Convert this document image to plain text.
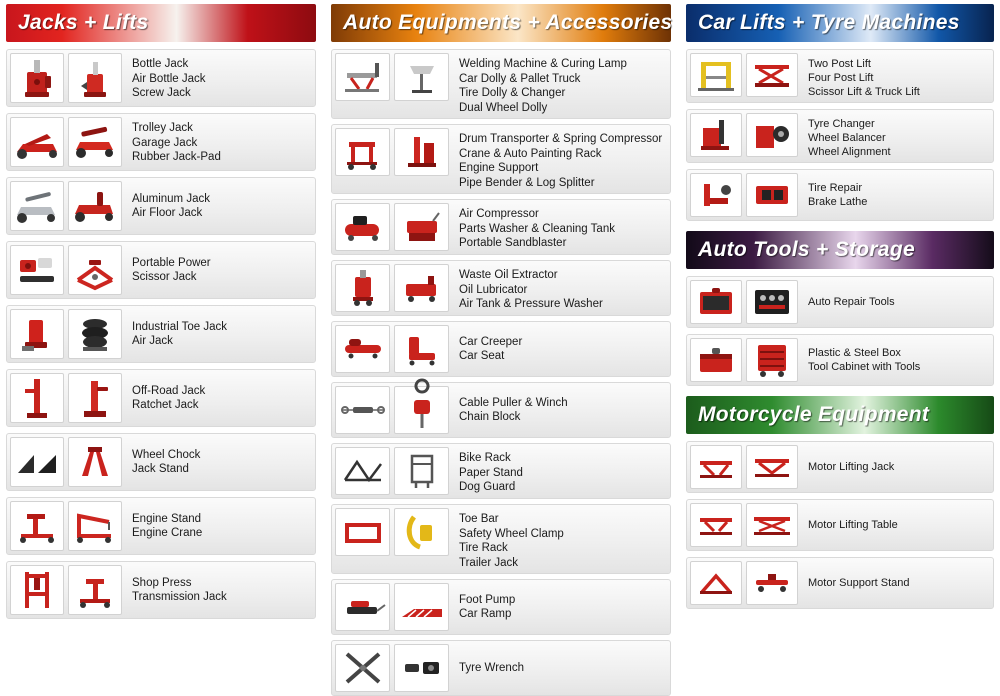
Jacks + Lifts
Bottle Jack
Air Bottle Jack
Screw Jack
Trolley Jack
Garage Jack
Rubber Jack-Pad
Aluminum Jack
Air Floor Jack
Portable Power
Scissor Jack
Industrial Toe Jack
Air Jack
Off-Road Jack
Ratchet Jack
Wheel Chock
Jack Stand
Engine Stand
Engine Crane
Shop Press
Transmission Jack
Auto Equipments + Accessories
Welding Machine & Curing Lamp
Car Dolly & Pallet Truck
Tire Dolly & Changer
Dual Wheel Dolly
Drum Transporter & Spring Compressor
Crane & Auto Painting Rack
Engine Support
Pipe Bender & Log Splitter
Air Compressor
Parts Washer & Cleaning Tank
Portable Sandblaster
Waste Oil Extractor
Oil Lubricator
Air Tank & Pressure Washer
Car Creeper
Car Seat
Cable Puller & Winch
Chain Block
Bike Rack
Paper Stand
Dog Guard
Toe Bar
Safety Wheel Clamp
Tire Rack
Trailer Jack
Foot Pump
Car Ramp
Tyre Wrench
Car Lifts + Tyre Machines
Two Post Lift
Four Post Lift
Scissor Lift & Truck Lift
Tyre Changer
Wheel Balancer
Wheel Alignment
Tire Repair
Brake Lathe
Auto Tools + Storage
Auto Repair Tools
Plastic & Steel Box
Tool Cabinet with Tools
Motorcycle Equipment
Motor Lifting Jack
Motor Lifting Table
Motor Support Stand
